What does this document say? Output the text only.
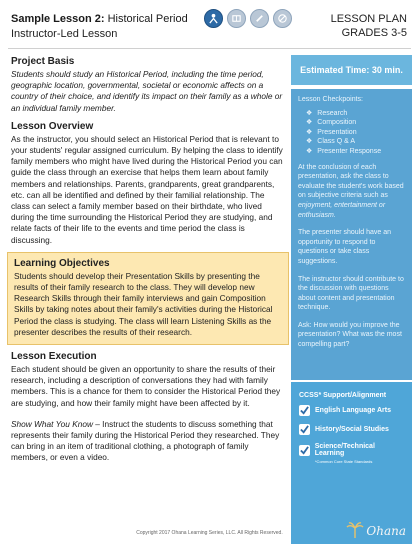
Sample Lesson 2: Historical Period
Instructor-Led Lesson
LESSON PLAN
GRADES 3-5
Project Basis
Students should study an Historical Period, including the time period, geographic location, governmental, societal or economic affects on a country of their choice, and identify its impact on their family as a whole or an individual family member.
Lesson Overview
As the instructor, you should select an Historical Period that is relevant to your students' regular assigned curriculum. By helping the class to identify family members who might have lived during the Historical Period you can guide the class through an exercise that helps them learn about family members and relationships. Parents, grandparents, great grandparents, etc. can all be identified and defined by their familial relationship. The class can select a family member based on their birthdate, who lived during the time surrounding the Historical Period they are studying, and relate facts of their life to the events and time period the class is discussing.
Learning Objectives
Students should develop their Presentation Skills by presenting the results of their family research to the class. They will develop new Research Skills through their family interviews and gain Composition Skills by taking notes about their family's activities during the Historical Period the class is studying. The class will learn Listening Skills as the presenter describes the results of their research.
Lesson Execution
Each student should be given an opportunity to share the results of their research, including a description of conversations they had with family members. This is a chance for them to consider the Historical Period they are studying, and how their family might have been affected by it.
Show What You Know – Instruct the students to discuss something that represents their family during the Historical Period they researched. They can bring in an item of traditional clothing, a photograph of family members, or even a video.
Estimated Time: 30 min.
Lesson Checkpoints:
❖ Research
❖ Composition
❖ Presentation
❖ Class Q & A
❖ Presenter Response
At the conclusion of each presentation, ask the class to evaluate the student's work based on subjective criteria such as enjoyment, entertainment or enthusiasm.
The presenter should have an opportunity to respond to questions or take class suggestions.
The instructor should contribute to the discussion with questions about content and presentation technique.
Ask: How would you improve the presentation? What was the most compelling part?
CCSS* Support/Alignment
English Language Arts
History/Social Studies
Science/Technical Learning
*Common Core State Standards
Ohana
Copyright 2017 Ohana Learning Series, LLC. All Rights Reserved.
